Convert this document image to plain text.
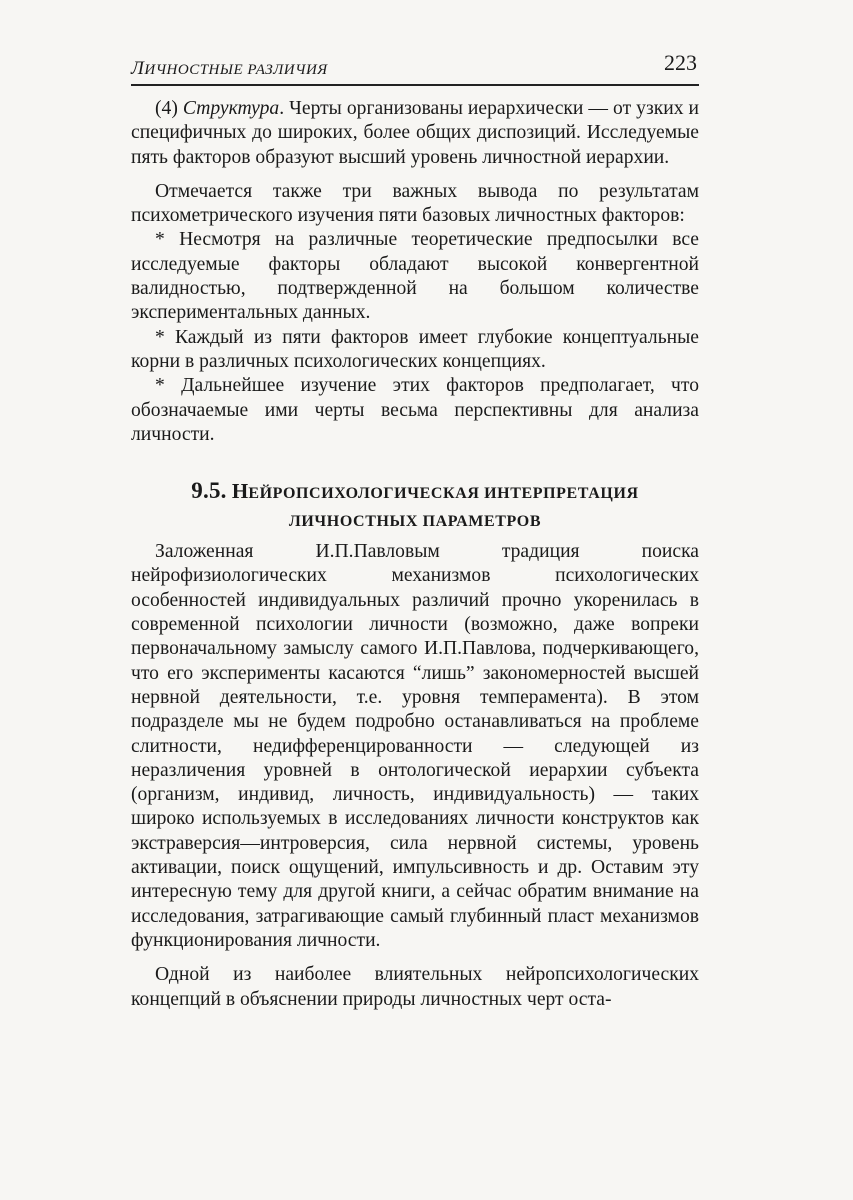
ЛИЧНОСТНЫЕ РАЗЛИЧИЯ	223

(4) Структура. Черты организованы иерархически — от узких и специфичных до широких, более общих диспозиций. Исследуемые пять факторов образуют высший уровень личностной иерархии.

Отмечается также три важных вывода по результатам психометрического изучения пяти базовых личностных факторов:

* Несмотря на различные теоретические предпосылки все исследуемые факторы обладают высокой конвергентной валидностью, подтвержденной на большом количестве экспериментальных данных.

* Каждый из пяти факторов имеет глубокие концептуальные корни в различных психологических концепциях.

* Дальнейшее изучение этих факторов предполагает, что обозначаемые ими черты весьма перспективны для анализа личности.

9.5. НЕЙРОПСИХОЛОГИЧЕСКАЯ ИНТЕРПРЕТАЦИЯ
ЛИЧНОСТНЫХ ПАРАМЕТРОВ

Заложенная И.П.Павловым традиция поиска нейрофизиологических механизмов психологических особенностей индивидуальных различий прочно укоренилась в современной психологии личности (возможно, даже вопреки первоначальному замыслу самого И.П.Павлова, подчеркивающего, что его эксперименты касаются “лишь” закономерностей высшей нервной деятельности, т.е. уровня темперамента). В этом подразделе мы не будем подробно останавливаться на проблеме слитности, недифференцированности — следующей из неразличения уровней в онтологической иерархии субъекта (организм, индивид, личность, индивидуальность) — таких широко используемых в исследованиях личности конструктов как экстраверсия—интроверсия, сила нервной системы, уровень активации, поиск ощущений, импульсивность и др. Оставим эту интересную тему для другой книги, а сейчас обратим внимание на исследования, затрагивающие самый глубинный пласт механизмов функционирования личности.

Одной из наиболее влиятельных нейропсихологических концепций в объяснении природы личностных черт оста-
